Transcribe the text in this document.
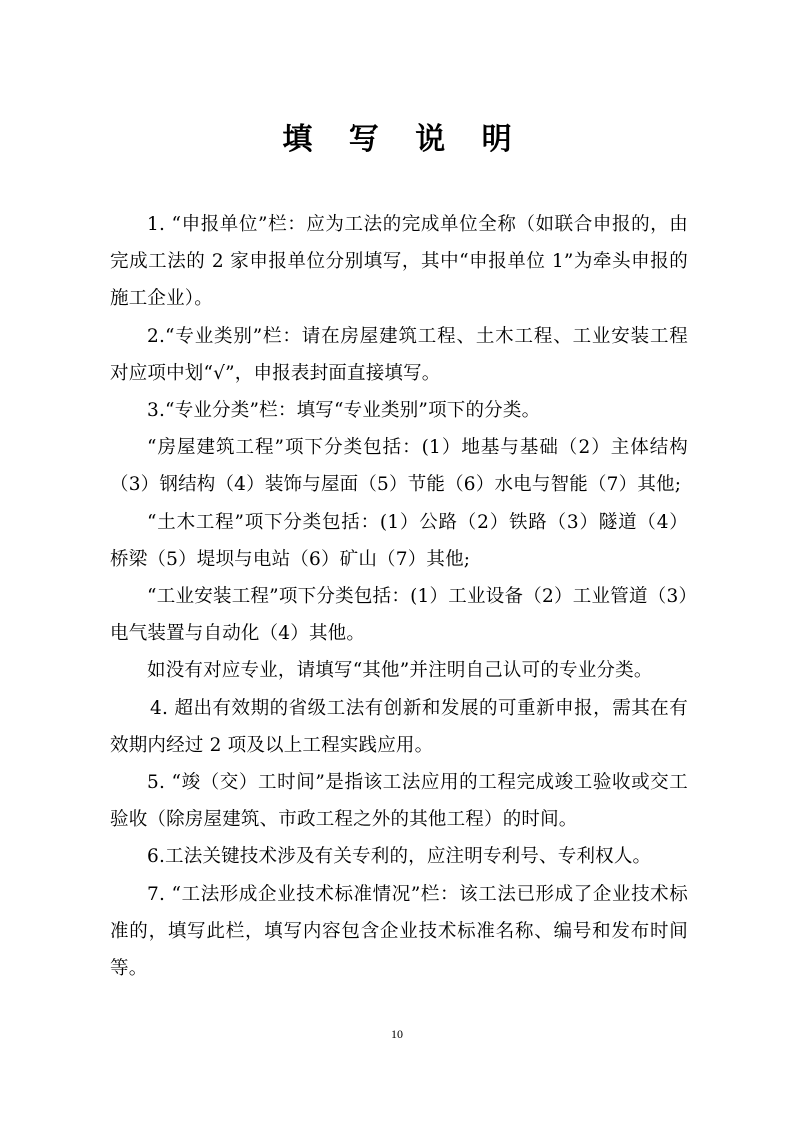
填 写 说 明

1. “申报单位”栏：应为工法的完成单位全称（如联合申报的，由完成工法的 2 家申报单位分别填写，其中“申报单位 1”为牵头申报的施工企业）。

2.“专业类别”栏：请在房屋建筑工程、土木工程、工业安装工程对应项中划“√”，申报表封面直接填写。

3.“专业分类”栏：填写“专业类别”项下的分类。

“房屋建筑工程”项下分类包括：(1）地基与基础（2）主体结构（3）钢结构（4）装饰与屋面（5）节能（6）水电与智能（7）其他;

“土木工程”项下分类包括：(1）公路（2）铁路（3）隧道（4）桥梁（5）堤坝与电站（6）矿山（7）其他;

“工业安装工程”项下分类包括：(1）工业设备（2）工业管道（3）电气装置与自动化（4）其他。

如没有对应专业，请填写“其他”并注明自己认可的专业分类。

4. 超出有效期的省级工法有创新和发展的可重新申报，需其在有效期内经过 2 项及以上工程实践应用。

5. “竣（交）工时间”是指该工法应用的工程完成竣工验收或交工验收（除房屋建筑、市政工程之外的其他工程）的时间。

6.工法关键技术涉及有关专利的，应注明专利号、专利权人。

7. “工法形成企业技术标准情况”栏：该工法已形成了企业技术标准的，填写此栏，填写内容包含企业技术标准名称、编号和发布时间等。

10
